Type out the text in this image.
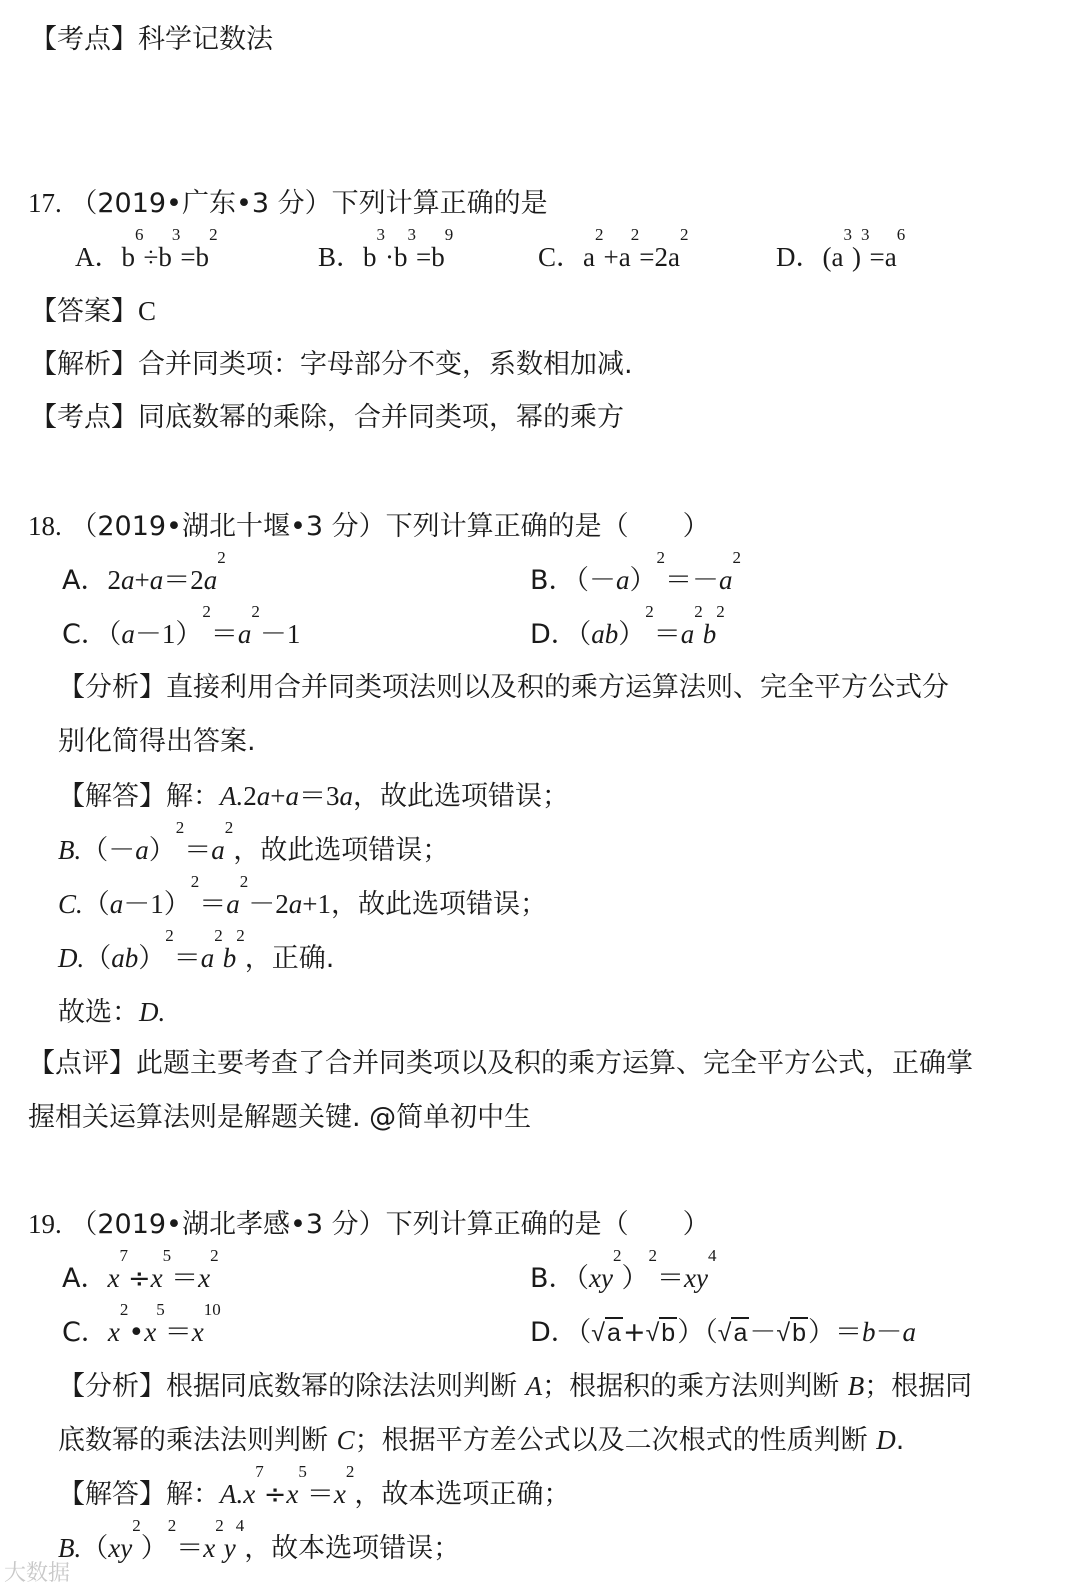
【考点】科学记数法
17. （2019•广东•3 分）下列计算正确的是
A．$b^6\div b^3=b^2$
B．$b^3\cdot b^3=b^9$
C．$a^2+a^2=2a^2$
D．$(a^3)^3=a^6$
【答案】C
【解析】合并同类项：字母部分不变，系数相加减.
【考点】同底数幂的乘除，合并同类项，幂的乘方
18. （2019•湖北十堰•3 分）下列计算正确的是（　　）
A．$2a+a=2a^2$
B．$(-a)^2=-a^2$
C．$(a-1)^2=a^2-1$	D．$(ab)^2=a^2b^2$
【分析】直接利用合并同类项法则以及积的乘方运算法则、完全平方公式分
别化简得出答案.
【解答】解：A.2a+a＝3a，故此选项错误；
$B.(-a)^2=a^2$，故此选项错误；
$C.(a-1)^2=a^2-2a+1$，故此选项错误；
$D.(ab)^2=a^2b^2$，正确.
故选：D.
【点评】此题主要考查了合并同类项以及积的乘方运算、完全平方公式，正确掌
握相关运算法则是解题关键. @简单初中生
19. （2019•湖北孝感•3 分）下列计算正确的是（　　）
A．$x^7\div x^5=x^2$
B．$(xy^2)^2=xy^4$
C．$x^2•x^5=x^{10}$
D．（√a+√b）（√a－√b）＝b－a
【分析】根据同底数幂的除法法则判断 A；根据积的乘方法则判断 B；根据同
底数幂的乘法法则判断 C；根据平方差公式以及二次根式的性质判断 D.
【解答】解：$A.x^7\div x^5=x^2$，故本选项正确；
$B.(xy^2)^2=x^2y^4$，故本选项错误；
大数据
